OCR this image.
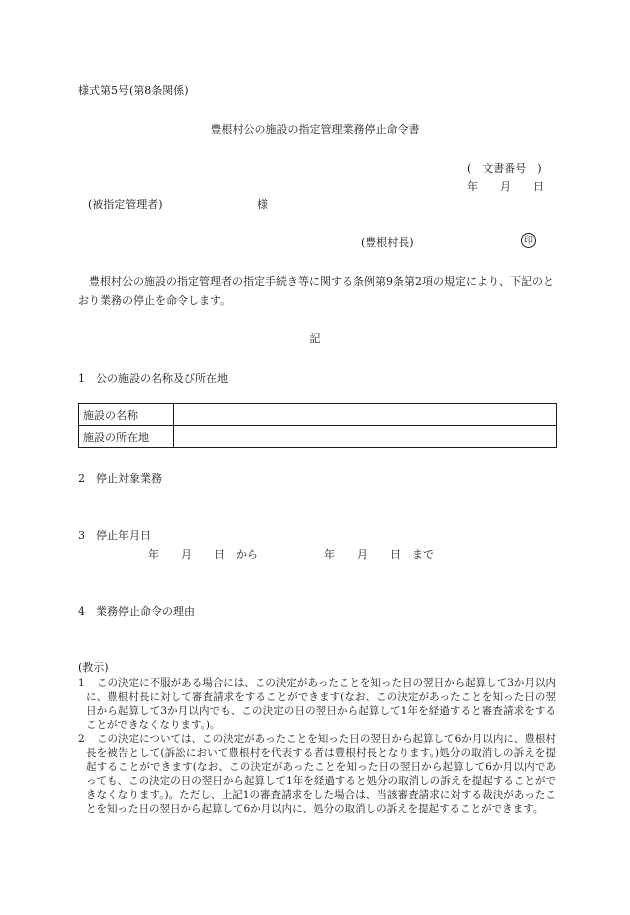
様式第5号(第8条関係)
豊根村公の施設の指定管理業務停止命令書
(　文書番号　)
年　　月　　日
(被指定管理者)	様
(豊根村長)	印
豊根村公の施設の指定管理者の指定手続き等に関する条例第9条第2項の規定により、下記のとおり業務の停止を命令します。
記
1　公の施設の名称及び所在地
施設の名称	
施設の所在地	
2　停止対象業務
3　停止年月日
年　　月　　日　から　　　　　　年　　月　　日　まで
4　業務停止命令の理由
(教示)
1	この決定に不服がある場合には、この決定があったことを知った日の翌日から起算して3か月以内に、豊根村長に対して審査請求をすることができます(なお、この決定があったことを知った日の翌日から起算して3か月以内でも、この決定の日の翌日から起算して1年を経過すると審査請求をすることができなくなります。)。
2	この決定については、この決定があったことを知った日の翌日から起算して6か月以内に、豊根村長を被告として(訴訟において豊根村を代表する者は豊根村長となります。)処分の取消しの訴えを提起することができます(なお、この決定があったことを知った日の翌日から起算して6か月以内であっても、この決定の日の翌日から起算して1年を経過すると処分の取消しの訴えを提起することができなくなります。)。ただし、上記1の審査請求をした場合は、当該審査請求に対する裁決があったことを知った日の翌日から起算して6か月以内に、処分の取消しの訴えを提起することができます。
